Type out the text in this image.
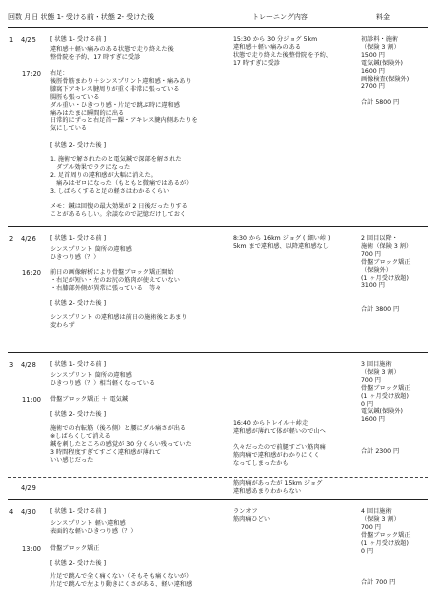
回数 月日 状態 1- 受ける前・状態 2- 受けた後	トレーニング内容	料金
1 4/25 [ 状態 1- 受ける前 ]
違和感＋軽い痛みのある状態で走り終えた後
整骨院を予約、17 時すぎに受診
17:20 右足：
後脛骨筋まわり＋シンスプリント違和感・痛みあり
膝窩下アキレス腱周りが重く非常に張っている
腸脛も張っている
ダル重い・ひきつり感・片足で跳ぶ時に違和感
痛みはたまに瞬間的に出る
日常的にずっと右足首〜踝・アキレス腱内側あたりを
気にしている
[ 状態 2- 受けた後 ]
1. 施術で解されたのと電気鍼で深部を解された
　ダブル効果でラクになった
2. 足首周りの違和感が大幅に消えた。
　痛みはゼロになった（もともと微痛ではあるが）
3. しばらくすると足の軽さはわかるくらい

メモ：鍼は回復の最大効果が 2 日後だったりする
ことがあるらしい。余談なので記憶だけしておく
15:30 から 30 分ジョグ 5km
違和感＋軽い痛みのある
状態で走り終えた後整骨院を予約、
17 時すぎに受診
初診料・施術
（保険 3 割）
1500 円
電気鍼(保険外)
1600 円
画像検査(保険外)
2700 円

合計 5800 円
2 4/26 [ 状態 1- 受ける前 ]
シンスプリント 箇所の違和感
ひきつり感（？）
16:20 前日の画像解析により骨盤ブロック矯正開始
・右足が短い・左のお尻の筋肉が使えていない
・右膝部外側が異常に張っている　等々
[ 状態 2- 受けた後 ]
シンスプリント の違和感は前日の施術後とあまり
変わらず
8:30 から 16km ジョグ ( 細い峠 )
5km まで違和感、以降違和感なし
2 回目以降・
施術（保険 3 割）
700 円
骨盤ブロック矯正
（保険外）
(1 ヶ月受け放題)
3100 円

合計 3800 円
3 4/28 [ 状態 1- 受ける前 ]
シンスプリント 箇所の違和感
ひきつり感（？）相当軽くなっている
11:00 骨盤ブロック矯正 ＋ 電気鍼
[ 状態 2- 受けた後 ]
施術での右転筋（後ろ側）と腰にダル痛さが出る
※しばらくして消える
鍼を刺したところの感覚が 30 分くらい残っていた
3 時間程度すぎてすごく違和感が薄れて
いい感じだった
16:40 からトレイル＋峠走
違和感が薄れて体が軽いので山へ

久々だったので前腿すごい筋肉痛
筋肉痛で違和感がわかりにくく
なってしまったかも
3 回目施術
（保険 3 割）
700 円
骨盤ブロック矯正
(1 ヶ月受け放題)
0 円
電気鍼(保険外)
1600 円

合計 2300 円
4/29
筋肉痛があったが 15km ジョグ
違和感あまりわからない
4 4/30 [ 状態 1- 受ける前 ]
シンスプリント 軽い違和感
表面的な軽いひきつり感（？）
13:00 骨盤ブロック矯正
[ 状態 2- 受けた後 ]
片足で跳んで全く痛くない（そもそも痛くないが）
片足で跳んで左より動きにくさがある、軽い違和感
ランオフ
筋肉痛ひどい
4 回目施術
（保険 3 割）
700 円
骨盤ブロック矯正
(1 ヶ月受け放題)
0 円

合計 700 円
